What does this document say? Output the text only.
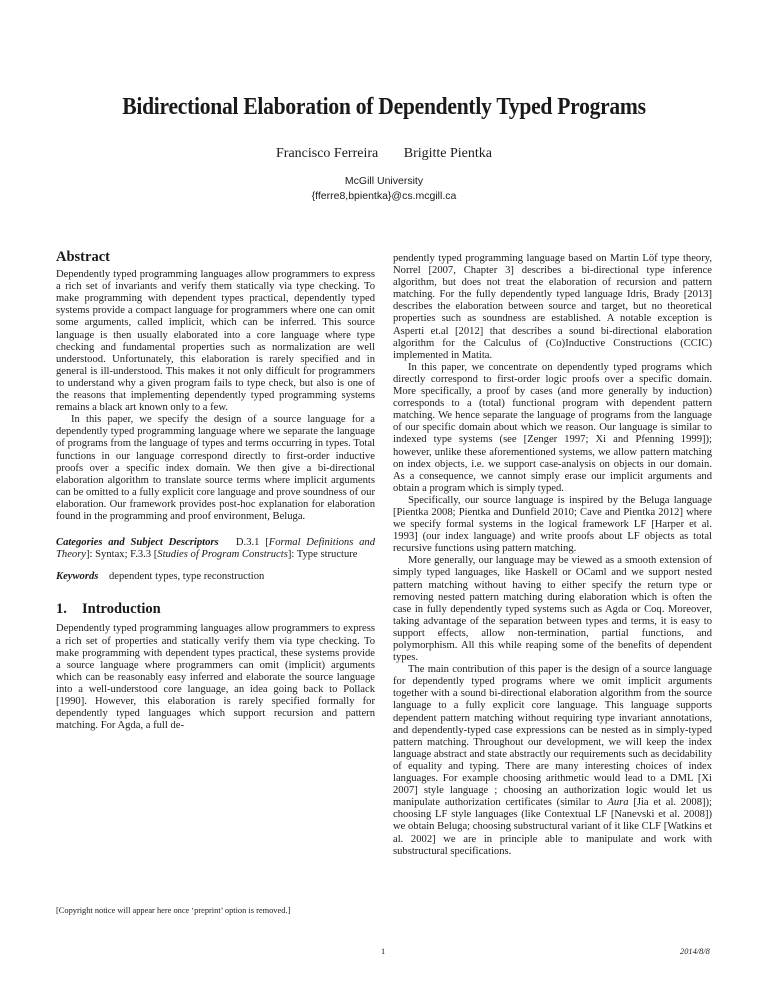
Bidirectional Elaboration of Dependently Typed Programs
Francisco Ferreira Brigitte Pientka
McGill University
{fferre8,bpientka}@cs.mcgill.ca
Abstract

Dependently typed programming languages allow programmers to express a rich set of invariants and verify them statically via type checking. To make programming with dependent types practical, dependently typed systems provide a compact language for programmers where one can omit some arguments, called implicit, which can be inferred. This source language is then usually elaborated into a core language where type checking and fundamental properties such as normalization are well understood. Unfortunately, this elaboration is rarely specified and in general is ill-understood. This makes it not only difficult for programmers to understand why a given program fails to type check, but also is one of the reasons that implementing dependently typed programming systems remains a black art known only to a few.

In this paper, we specify the design of a source language for a dependently typed programming language where we separate the language of programs from the language of types and terms occurring in types. Total functions in our language correspond directly to first-order inductive proofs over a specific index domain. We then give a bi-directional elaboration algorithm to translate source terms where implicit arguments can be omitted to a fully explicit core language and prove soundness of our elaboration. Our framework provides post-hoc explanation for elaboration found in the programming and proof environment, Beluga.

Categories and Subject Descriptors D.3.1 [Formal Definitions and Theory]: Syntax; F.3.3 [Studies of Program Constructs]: Type structure

Keywords dependent types, type reconstruction

1. Introduction

Dependently typed programming languages allow programmers to express a rich set of properties and statically verify them via type checking. To make programming with dependent types practical, these systems provide a source language where programmers can omit (implicit) arguments which can be reasonably easy inferred and elaborate the source language into a well-understood core language, an idea going back to Pollack [1990]. However, this elaboration is rarely specified formally for dependently typed languages which support recursion and pattern matching. For Agda, a full de-

pendently typed programming language based on Martin Löf type theory, Norrel [2007, Chapter 3] describes a bi-directional type inference algorithm, but does not treat the elaboration of recursion and pattern matching. For the fully dependently typed language Idris, Brady [2013] describes the elaboration between source and target, but no theoretical properties such as soundness are established. A notable exception is Asperti et.al [2012] that describes a sound bi-directional elaboration algorithm for the Calculus of (Co)Inductive Constructions (CCIC) implemented in Matita.

In this paper, we concentrate on dependently typed programs which directly correspond to first-order logic proofs over a specific domain. More specifically, a proof by cases (and more generally by induction) corresponds to a (total) functional program with dependent pattern matching. We hence separate the language of programs from the language of our specific domain about which we reason. Our language is similar to indexed type systems (see [Zenger 1997; Xi and Pfenning 1999]); however, unlike these aforementioned systems, we allow pattern matching on index objects, i.e. we support case-analysis on objects in our domain. As a consequence, we cannot simply erase our implicit arguments and obtain a program which is simply typed.

Specifically, our source language is inspired by the Beluga language [Pientka 2008; Pientka and Dunfield 2010; Cave and Pientka 2012] where we specify formal systems in the logical framework LF [Harper et al. 1993] (our index language) and write proofs about LF objects as total recursive functions using pattern matching.

More generally, our language may be viewed as a smooth extension of simply typed languages, like Haskell or OCaml and we support nested pattern matching without having to either specify the return type or removing nested pattern matching during elaboration which is often the case in fully dependently typed systems such as Agda or Coq. Moreover, taking advantage of the separation between types and terms, it is easy to support effects, allow non-termination, partial functions, and polymorphism. All this while reaping some of the benefits of dependent types.

The main contribution of this paper is the design of a source language for dependently typed programs where we omit implicit arguments together with a sound bi-directional elaboration algorithm from the source language to a fully explicit core language. This language supports dependent pattern matching without requiring type invariant annotations, and dependently-typed case expressions can be nested as in simply-typed pattern matching. Throughout our development, we will keep the index language abstract and state abstractly our requirements such as decidability of equality and typing. There are many interesting choices of index languages. For example choosing arithmetic would lead to a DML [Xi 2007] style language ; choosing an authorization logic would let us manipulate authorization certificates (similar to Aura [Jia et al. 2008]); choosing LF style languages (like Contextual LF [Nanevski et al. 2008]) we obtain Beluga; choosing substructural variant of it like CLF [Watkins et al. 2002] we are in principle able to manipulate and work with substructural specifications.

[Copyright notice will appear here once ‘preprint’ option is removed.]
1	2014/8/8
